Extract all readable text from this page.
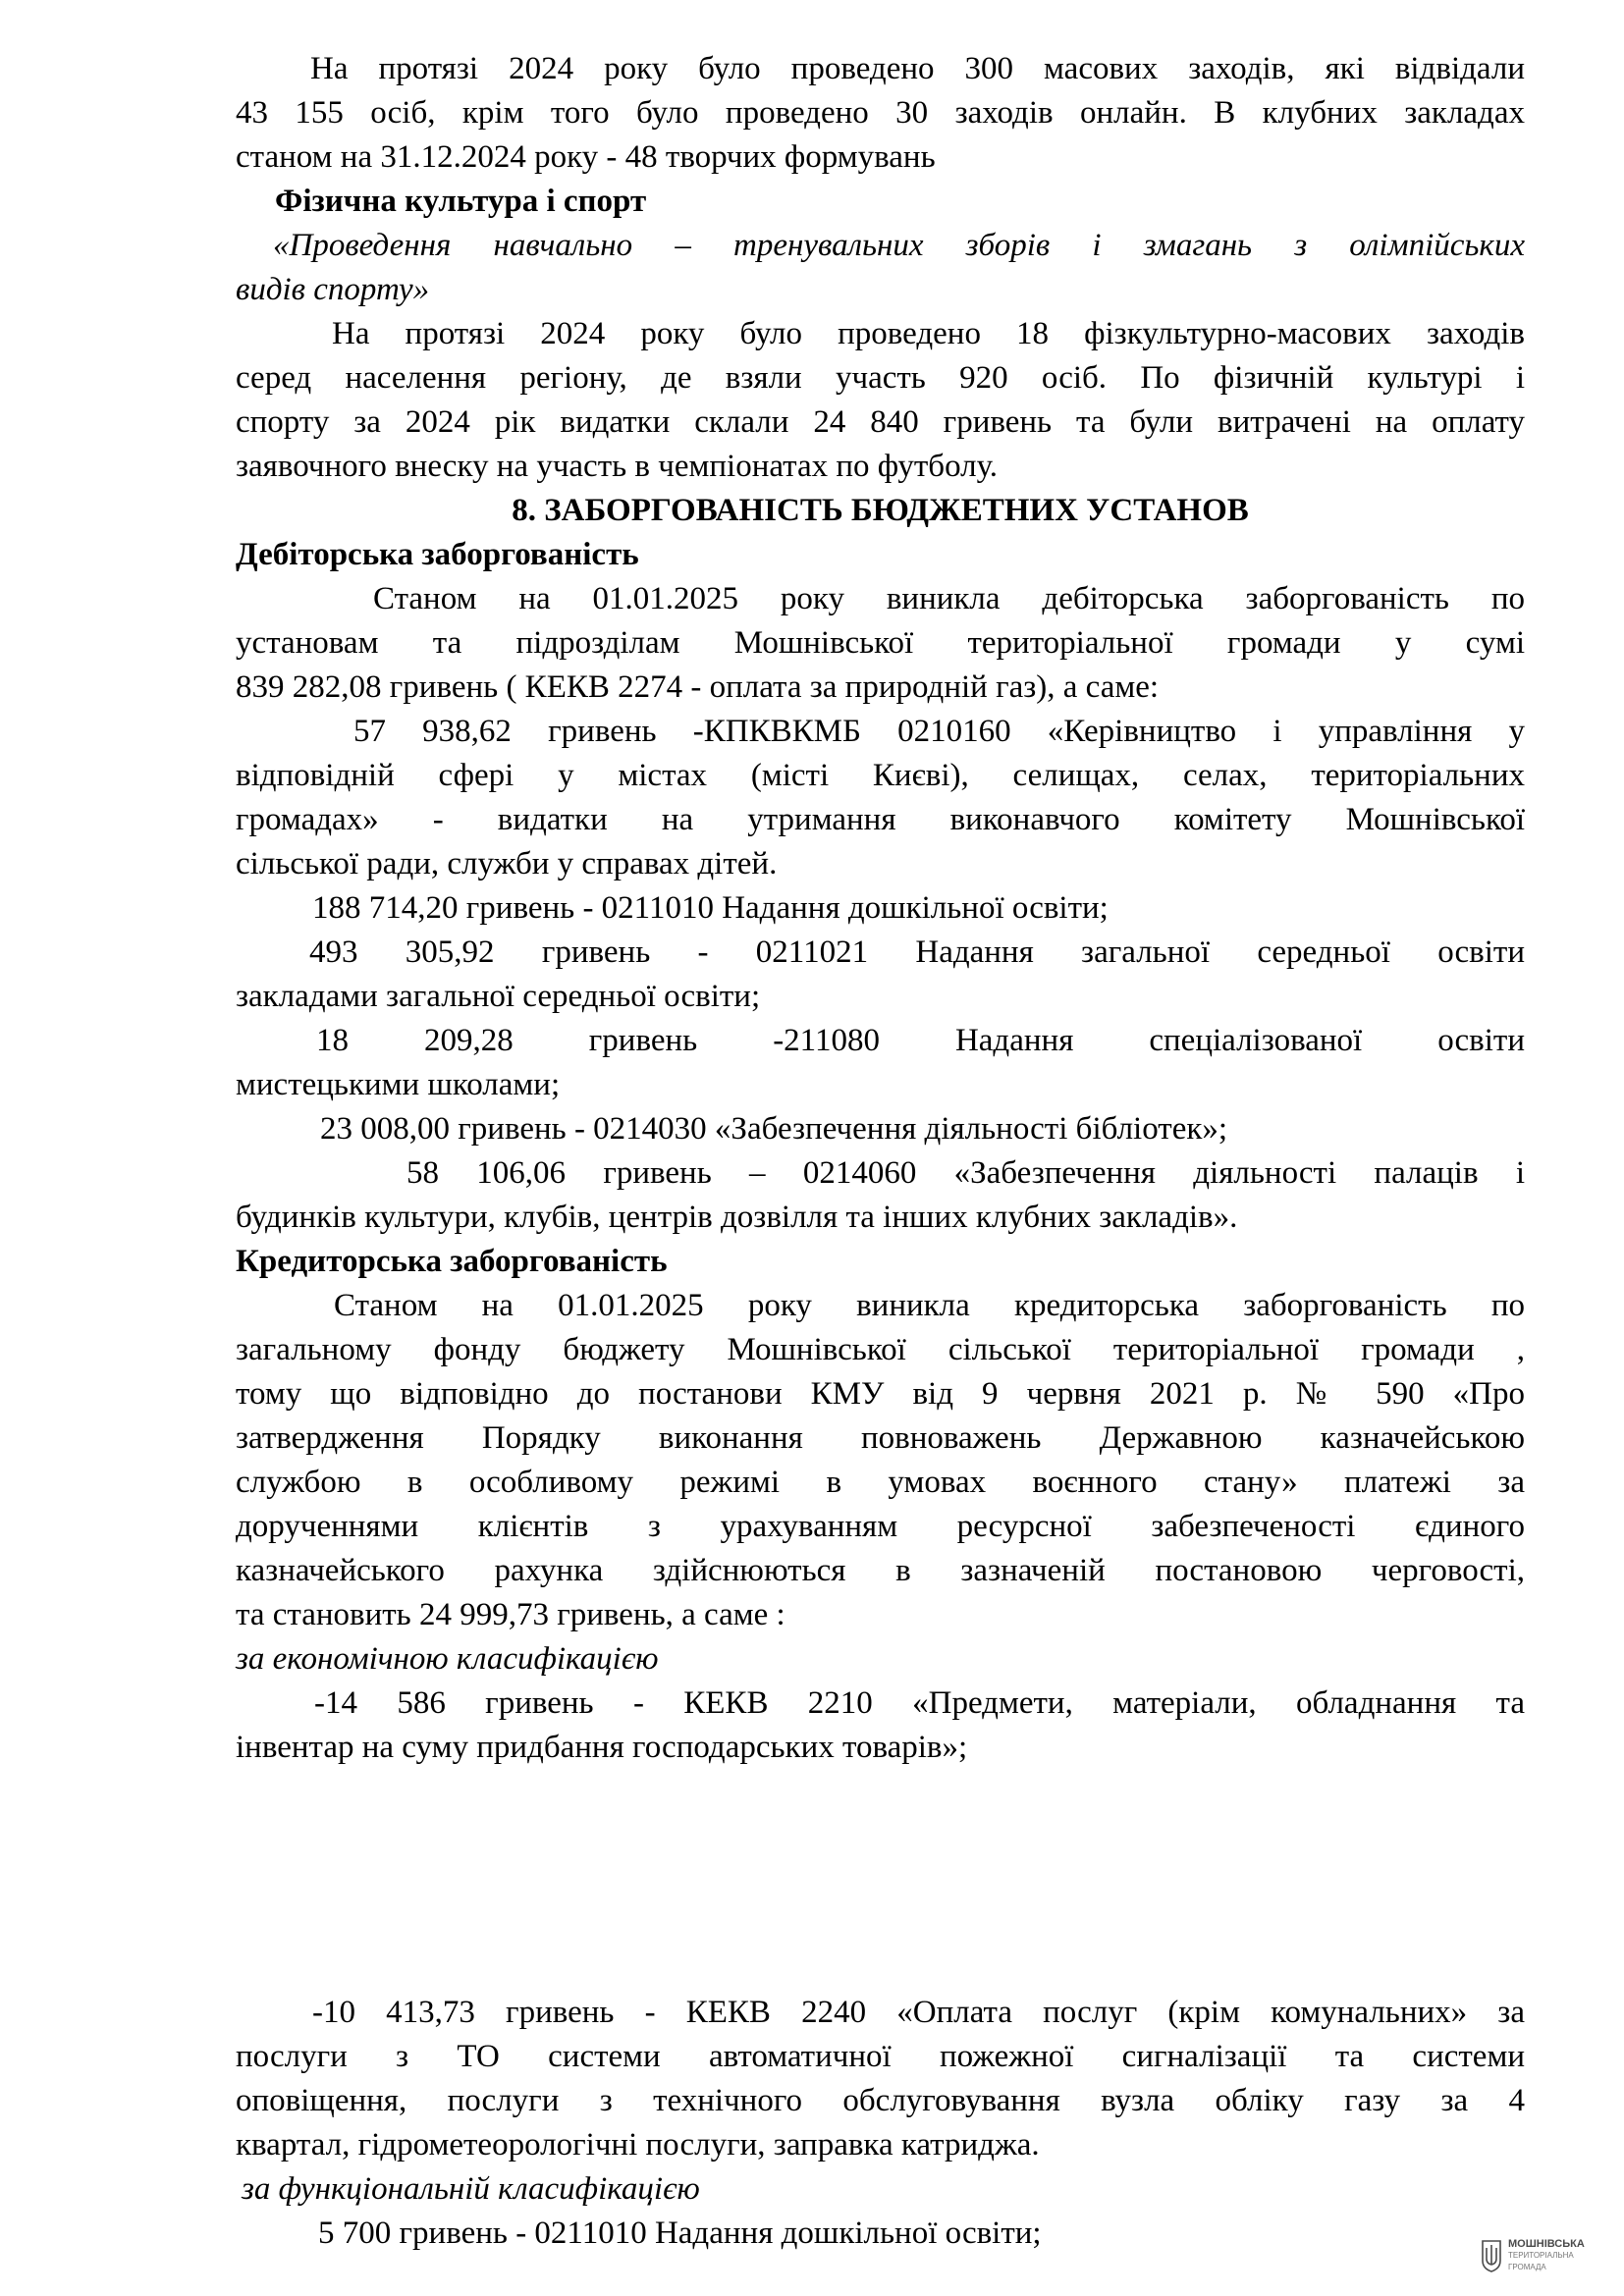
На протязі 2024 року було проведено 300 масових заходів, які відвідали

43 155 осіб, крім того було проведено 30 заходів онлайн. В клубних закладах

станом на 31.12.2024 року - 48 творчих формувань

Фізична культура і спорт

«Проведення навчально – тренувальних зборів і змагань з олімпійських

видів спорту»

На протязі 2024 року було проведено 18 фізкультурно-масових заходів

серед населення регіону, де взяли участь 920 осіб. По фізичній культурі і

спорту за 2024 рік видатки склали 24 840 гривень та були витрачені на оплату

заявочного внеску на участь в чемпіонатах по футболу.

8. ЗАБОРГОВАНІСТЬ БЮДЖЕТНИХ УСТАНОВ

Дебіторська заборгованість

Станом на 01.01.2025 року виникла дебіторська заборгованість по

установам та підрозділам Мошнівської територіальної громади у сумі

839 282,08 гривень ( КЕКВ 2274 - оплата за природній газ), а саме:

57 938,62 гривень -КПКВКМБ 0210160 «Керівництво і управління у

відповідній сфері у містах (місті Києві), селищах, селах, територіальних

громадах» - видатки на утримання виконавчого комітету Мошнівської

сільської ради, служби у справах дітей.

188 714,20 гривень - 0211010 Надання дошкільної освіти;

493 305,92 гривень - 0211021 Надання загальної середньої освіти

закладами загальної середньої освіти;

18 209,28 гривень -211080 Надання спеціалізованої освіти

мистецькими школами;

23 008,00 гривень - 0214030 «Забезпечення діяльності бібліотек»;

58 106,06 гривень – 0214060 «Забезпечення діяльності палаців і

будинків культури, клубів, центрів дозвілля та інших клубних закладів».

Кредиторська заборгованість

Станом на 01.01.2025 року виникла кредиторська заборгованість по

загальному фонду бюджету Мошнівської сільської територіальної громади ,

тому що відповідно до постанови КМУ від 9 червня 2021 р. № 590 «Про

затвердження Порядку виконання повноважень Державною казначейською

службою в особливому режимі в умовах воєнного стану» платежі за

дорученнями клієнтів з урахуванням ресурсної забезпеченості єдиного

казначейського рахунка здійснюються в зазначеній постановою черговості,

та становить 24 999,73 гривень, а саме :

за економічною класифікацією

-14 586 гривень - КЕКВ 2210 «Предмети, матеріали, обладнання та

інвентар на суму придбання господарських товарів»;

-10 413,73 гривень - КЕКВ 2240 «Оплата послуг (крім комунальних» за

послуги з ТО системи автоматичної пожежної сигналізації та системи

оповіщення, послуги з технічного обслуговування вузла обліку газу за 4

квартал, гідрометеорологічні послуги, заправка катриджа.

за функціональній класифікацією

5 700 гривень - 0211010 Надання дошкільної освіти;	МОШНІВСЬКА
ТЕРИТОРІАЛЬНА
ГРОМАДА
